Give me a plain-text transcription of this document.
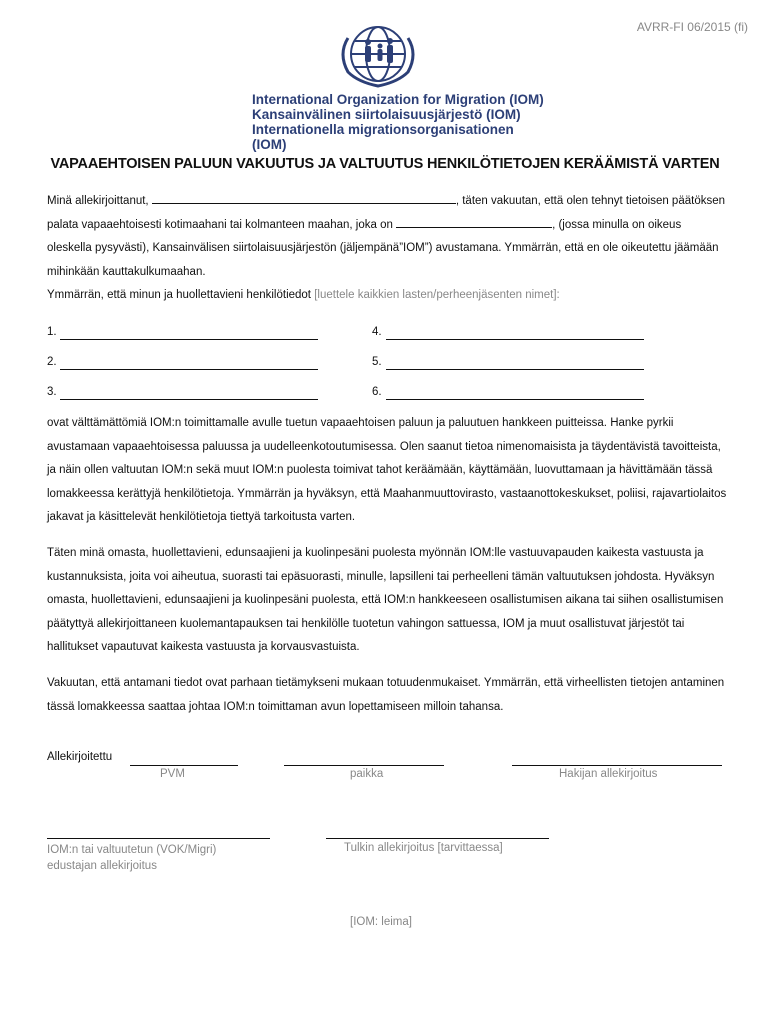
AVRR-FI 06/2015 (fi)
International Organization for Migration (IOM)
Kansainvälinen siirtolaisuusjärjestö (IOM)
Internationella migrationsorganisationen (IOM)
VAPAAEHTOISEN PALUUN VAKUUTUS JA VALTUUTUS HENKILÖTIETOJEN KERÄÄMISTÄ VARTEN
Minä allekirjoittanut,	, täten vakuutan, että olen tehnyt tietoisen päätöksen palata vapaaehtoisesti kotimaahani tai kolmanteen maahan, joka on	, (jossa minulla on oikeus oleskella pysyvästi), Kansainvälisen siirtolaisuusjärjestön (jäljempänä”IOM”) avustamana. Ymmärrän, että en ole oikeutettu jäämään mihinkään kauttakulkumaahan.
Ymmärrän, että minun ja huollettavieni henkilötiedot [luettele kaikkien lasten/perheenjäsenten nimet]:
1.
2.
3.
4.
5.
6.
ovat välttämättömiä IOM:n toimittamalle avulle tuetun vapaaehtoisen paluun ja paluutuen hankkeen puitteissa. Hanke pyrkii avustamaan vapaaehtoisessa paluussa ja uudelleenkotoutumisessa. Olen saanut tietoa nimenomaisista ja täydentävistä tavoitteista, ja näin ollen valtuutan IOM:n sekä muut IOM:n puolesta toimivat tahot keräämään, käyttämään, luovuttamaan ja hävittämään tässä lomakkeessa kerättyjä henkilötietoja. Ymmärrän ja hyväksyn, että Maahanmuuttovirasto, vastaanottokeskukset, poliisi, rajavartiolaitos jakavat ja käsittelevät henkilötietoja tiettyä tarkoitusta varten.
Täten minä omasta, huollettavieni, edunsaajieni ja kuolinpesäni puolesta myönnän IOM:lle vastuuvapauden kaikesta vastuusta ja kustannuksista, joita voi aiheutua, suorasti tai epäsuorasti, minulle, lapsilleni tai perheelleni tämän valtuutuksen johdosta. Hyväksyn omasta, huollettavieni, edunsaajieni ja kuolinpesäni puolesta, että IOM:n hankkeeseen osallistumisen aikana tai siihen osallistumisen päätyttyä allekirjoittaneen kuolemantapauksen tai henkilölle tuotetun vahingon sattuessa, IOM ja muut osallistuvat järjestöt tai hallitukset vapautuvat kaikesta vastuusta ja korvausvastuista.
Vakuutan, että antamani tiedot ovat parhaan tietämykseni mukaan totuudenmukaiset. Ymmärrän, että virheellisten tietojen antaminen tässä lomakkeessa saattaa johtaa IOM:n toimittaman avun lopettamiseen milloin tahansa.
Allekirjoitettu
PVM	paikka	Hakijan allekirjoitus
IOM:n tai valtuutetun (VOK/Migri)
edustajan allekirjoitus
Tulkin allekirjoitus [tarvittaessa]
[IOM: leima]
